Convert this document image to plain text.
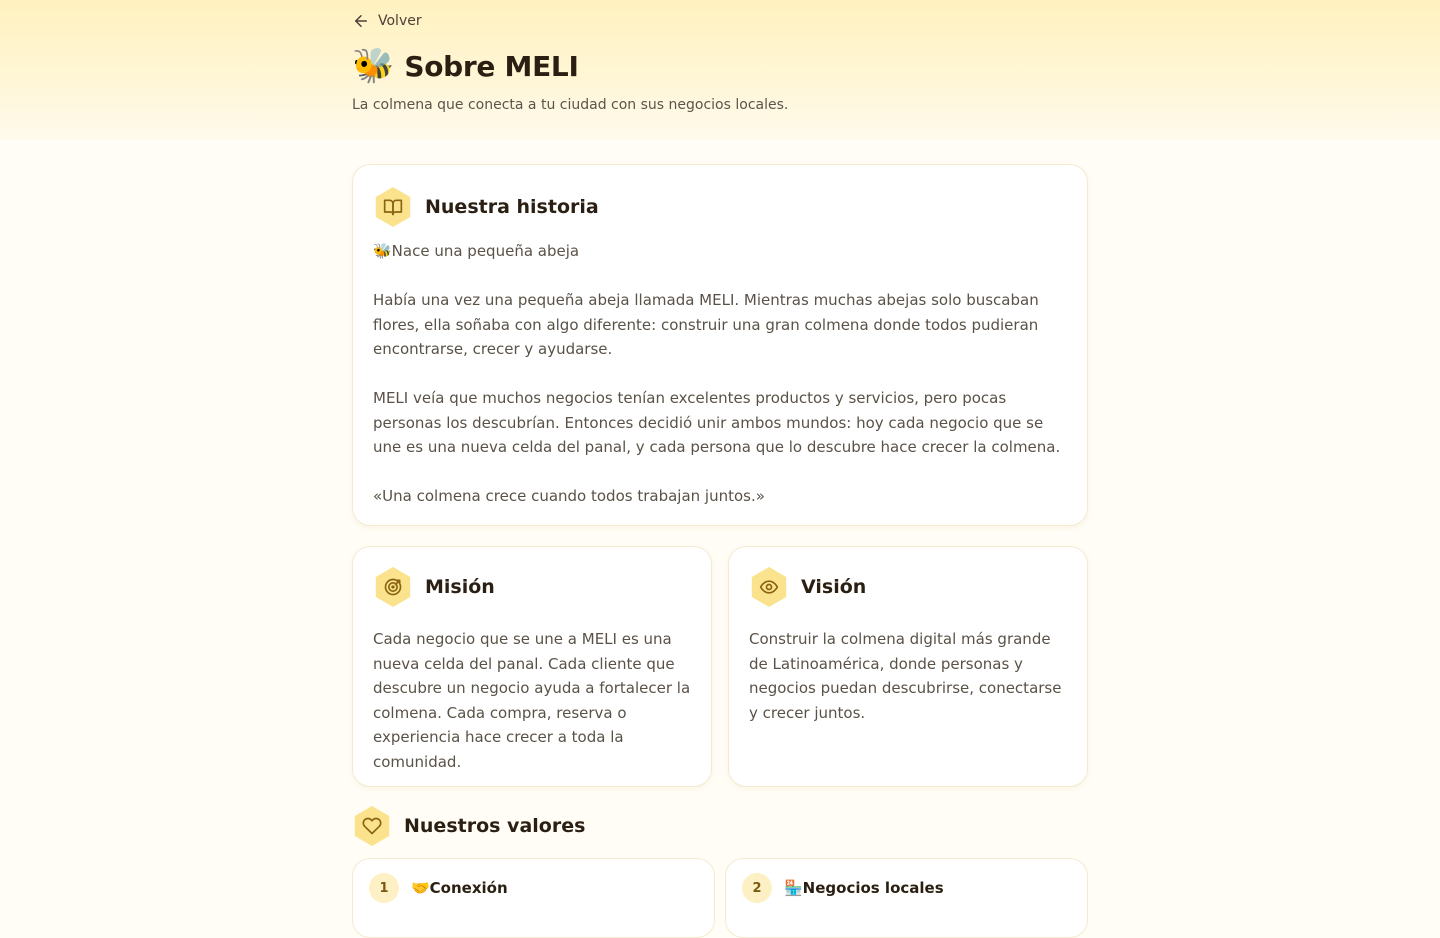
Volver
🐝 Sobre MELI
La colmena que conecta a tu ciudad con sus negocios locales.
Nuestra historia

🐝Nace una pequeña abeja

Había una vez una pequeña abeja llamada MELI. Mientras muchas abejas solo buscaban flores, ella soñaba con algo diferente: construir una gran colmena donde todos pudieran encontrarse, crecer y ayudarse.

MELI veía que muchos negocios tenían excelentes productos y servicios, pero pocas personas los descubrían. Entonces decidió unir ambos mundos: hoy cada negocio que se une es una nueva celda del panal, y cada persona que lo descubre hace crecer la colmena.

«Una colmena crece cuando todos trabajan juntos.»

Misión

Cada negocio que se une a MELI es una nueva celda del panal. Cada cliente que descubre un negocio ayuda a fortalecer la colmena. Cada compra, reserva o experiencia hace crecer a toda la comunidad.

Visión

Construir la colmena digital más grande de Latinoamérica, donde personas y negocios puedan descubrirse, conectarse y crecer juntos.

Nuestros valores
1	🤝Conexión	2	🏪Negocios locales
